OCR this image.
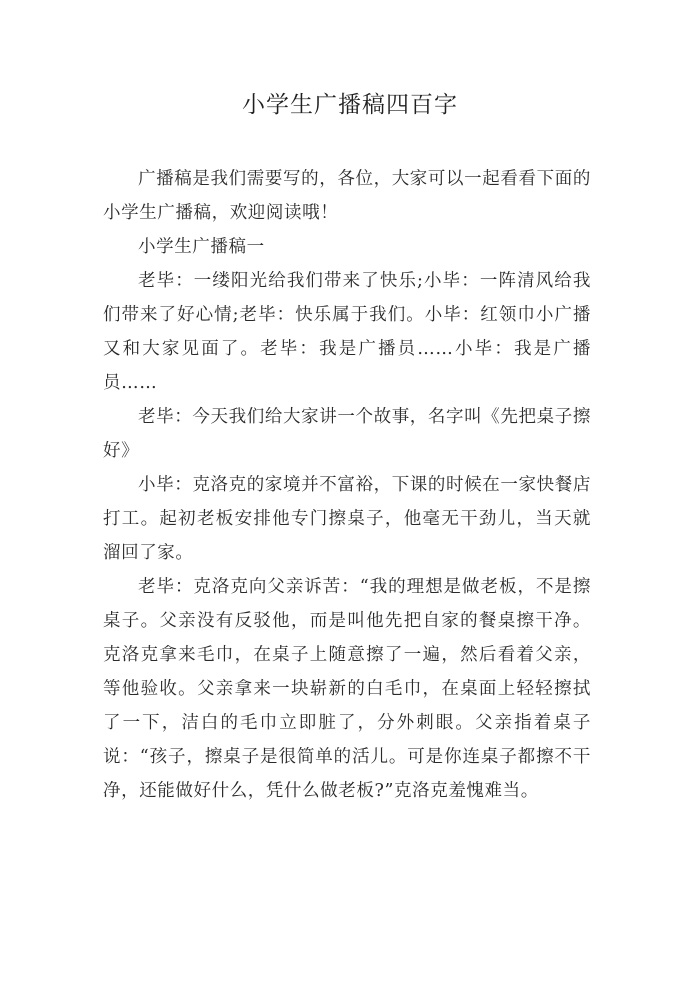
小学生广播稿四百字

广播稿是我们需要写的，各位，大家可以一起看看下面的小学生广播稿，欢迎阅读哦！

小学生广播稿一

老毕：一缕阳光给我们带来了快乐;小毕：一阵清风给我们带来了好心情;老毕：快乐属于我们。小毕：红领巾小广播又和大家见面了。老毕：我是广播员……小毕：我是广播员……

老毕：今天我们给大家讲一个故事，名字叫《先把桌子擦好》

小毕：克洛克的家境并不富裕，下课的时候在一家快餐店打工。起初老板安排他专门擦桌子，他毫无干劲儿，当天就溜回了家。

老毕：克洛克向父亲诉苦：“我的理想是做老板，不是擦桌子。父亲没有反驳他，而是叫他先把自家的餐桌擦干净。克洛克拿来毛巾，在桌子上随意擦了一遍，然后看着父亲，等他验收。父亲拿来一块崭新的白毛巾，在桌面上轻轻擦拭了一下，洁白的毛巾立即脏了，分外刺眼。父亲指着桌子说：“孩子，擦桌子是很简单的活儿。可是你连桌子都擦不干净，还能做好什么，凭什么做老板?”克洛克羞愧难当。
